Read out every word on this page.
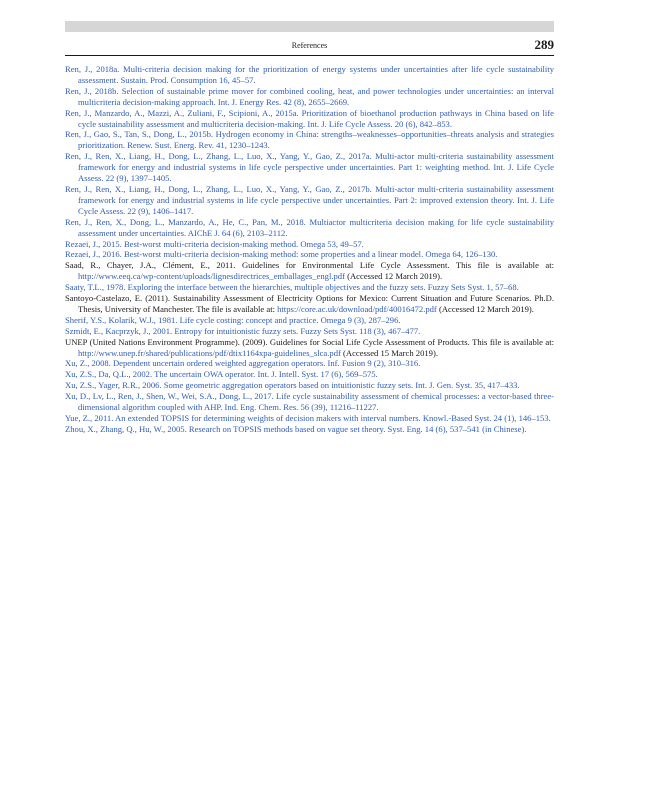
References	289

Ren, J., 2018a. Multi-criteria decision making for the prioritization of energy systems under uncertainties after life cycle sustainability assessment. Sustain. Prod. Consumption 16, 45–57.

Ren, J., 2018b. Selection of sustainable prime mover for combined cooling, heat, and power technologies under uncertainties: an interval multicriteria decision-making approach. Int. J. Energy Res. 42 (8), 2655–2669.

Ren, J., Manzardo, A., Mazzi, A., Zuliani, F., Scipioni, A., 2015a. Prioritization of bioethanol production pathways in China based on life cycle sustainability assessment and multicriteria decision-making. Int. J. Life Cycle Assess. 20 (6), 842–853.

Ren, J., Gao, S., Tan, S., Dong, L., 2015b. Hydrogen economy in China: strengths–weaknesses–opportunities–threats analysis and strategies prioritization. Renew. Sust. Energ. Rev. 41, 1230–1243.

Ren, J., Ren, X., Liang, H., Dong, L., Zhang, L., Luo, X., Yang, Y., Gao, Z., 2017a. Multi-actor multi-criteria sustainability assessment framework for energy and industrial systems in life cycle perspective under uncertainties. Part 1: weighting method. Int. J. Life Cycle Assess. 22 (9), 1397–1405.

Ren, J., Ren, X., Liang, H., Dong, L., Zhang, L., Luo, X., Yang, Y., Gao, Z., 2017b. Multi-actor multi-criteria sustainability assessment framework for energy and industrial systems in life cycle perspective under uncertainties. Part 2: improved extension theory. Int. J. Life Cycle Assess. 22 (9), 1406–1417.

Ren, J., Ren, X., Dong, L., Manzardo, A., He, C., Pan, M., 2018. Multiactor multicriteria decision making for life cycle sustainability assessment under uncertainties. AIChE J. 64 (6), 2103–2112.

Rezaei, J., 2015. Best-worst multi-criteria decision-making method. Omega 53, 49–57.

Rezaei, J., 2016. Best-worst multi-criteria decision-making method: some properties and a linear model. Omega 64, 126–130.

Saad, R., Chayer, J.A., Clément, E., 2011. Guidelines for Environmental Life Cycle Assessment. This file is available at: http://www.eeq.ca/wp-content/uploads/lignesdirectrices_emballages_engl.pdf (Accessed 12 March 2019).

Saaty, T.L., 1978. Exploring the interface between the hierarchies, multiple objectives and the fuzzy sets. Fuzzy Sets Syst. 1, 57–68.

Santoyo-Castelazo, E. (2011). Sustainability Assessment of Electricity Options for Mexico: Current Situation and Future Scenarios. Ph.D. Thesis, University of Manchester. The file is available at: https://core.ac.uk/download/pdf/40016472.pdf (Accessed 12 March 2019).

Sherif, Y.S., Kolarik, W.J., 1981. Life cycle costing: concept and practice. Omega 9 (3), 287–296.

Szmidt, E., Kacprzyk, J., 2001. Entropy for intuitionistic fuzzy sets. Fuzzy Sets Syst. 118 (3), 467–477.

UNEP (United Nations Environment Programme). (2009). Guidelines for Social Life Cycle Assessment of Products. This file is available at: http://www.unep.fr/shared/publications/pdf/dtix1164xpa-guidelines_slca.pdf (Accessed 15 March 2019).

Xu, Z., 2008. Dependent uncertain ordered weighted aggregation operators. Inf. Fusion 9 (2), 310–316.

Xu, Z.S., Da, Q.L., 2002. The uncertain OWA operator. Int. J. Intell. Syst. 17 (6), 569–575.

Xu, Z.S., Yager, R.R., 2006. Some geometric aggregation operators based on intuitionistic fuzzy sets. Int. J. Gen. Syst. 35, 417–433.

Xu, D., Lv, L., Ren, J., Shen, W., Wei, S.A., Dong, L., 2017. Life cycle sustainability assessment of chemical processes: a vector-based three-dimensional algorithm coupled with AHP. Ind. Eng. Chem. Res. 56 (39), 11216–11227.

Yue, Z., 2011. An extended TOPSIS for determining weights of decision makers with interval numbers. Knowl.-Based Syst. 24 (1), 146–153.

Zhou, X., Zhang, Q., Hu, W., 2005. Research on TOPSIS methods based on vague set theory. Syst. Eng. 14 (6), 537–541 (in Chinese).
